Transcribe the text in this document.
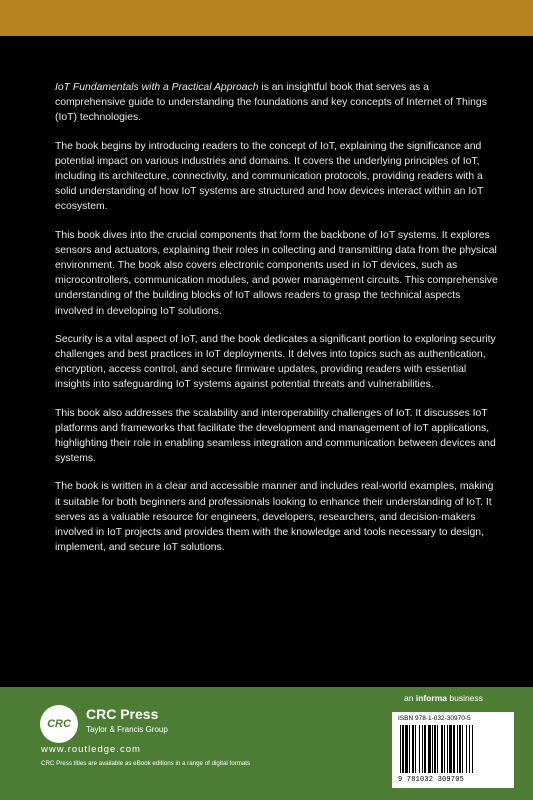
IoT Fundamentals with a Practical Approach is an insightful book that serves as a comprehensive guide to understanding the foundations and key concepts of Internet of Things (IoT) technologies.

The book begins by introducing readers to the concept of IoT, explaining the significance and potential impact on various industries and domains. It covers the underlying principles of IoT, including its architecture, connectivity, and communication protocols, providing readers with a solid understanding of how IoT systems are structured and how devices interact within an IoT ecosystem.

This book dives into the crucial components that form the backbone of IoT systems. It explores sensors and actuators, explaining their roles in collecting and transmitting data from the physical environment. The book also covers electronic components used in IoT devices, such as microcontrollers, communication modules, and power management circuits. This comprehensive understanding of the building blocks of IoT allows readers to grasp the technical aspects involved in developing IoT solutions.

Security is a vital aspect of IoT, and the book dedicates a significant portion to exploring security challenges and best practices in IoT deployments. It delves into topics such as authentication, encryption, access control, and secure firmware updates, providing readers with essential insights into safeguarding IoT systems against potential threats and vulnerabilities.

This book also addresses the scalability and interoperability challenges of IoT. It discusses IoT platforms and frameworks that facilitate the development and management of IoT applications, highlighting their role in enabling seamless integration and communication between devices and systems.

The book is written in a clear and accessible manner and includes real-world examples, making it suitable for both beginners and professionals looking to enhance their understanding of IoT. It serves as a valuable resource for engineers, developers, researchers, and decision-makers involved in IoT projects and provides them with the knowledge and tools necessary to design, implement, and secure IoT solutions.

CRC
CRC Press
Taylor & Francis Group
www.routledge.com
CRC Press titles are available as eBook editions in a range of digital formats
an informa business
ISBN 978-1-032-30970-5
9 781032 309705
